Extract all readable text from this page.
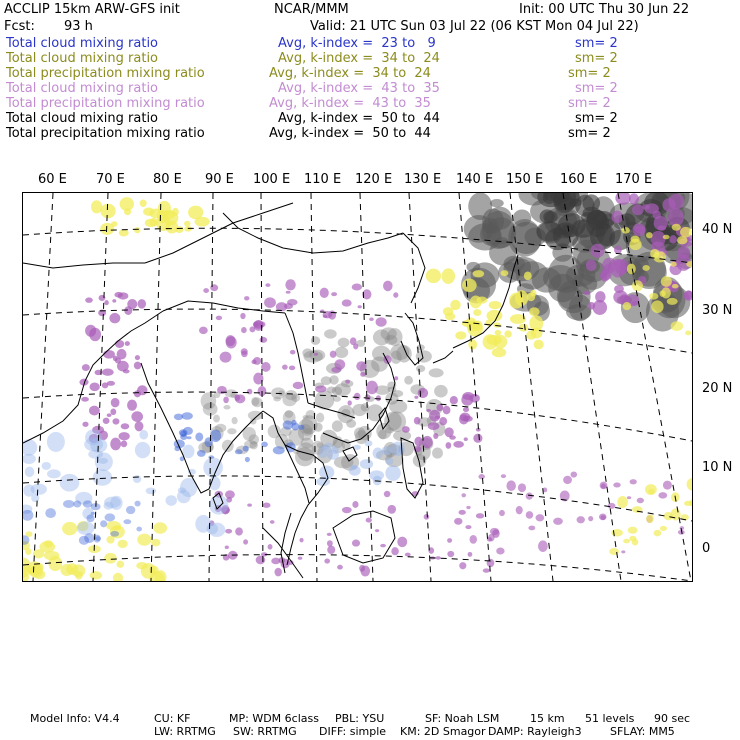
ACCLIP 15km ARW-GFS init	NCAR/MMM	Init: 00 UTC Thu 30 Jun 22
Fcst: 93 h	Valid: 21 UTC Sun 03 Jul 22 (06 KST Mon 04 Jul 22)
Total cloud mixing ratio	Avg, k-index =  23 to   9	sm= 2
Total cloud mixing ratio	Avg, k-index =  34 to  24	sm= 2
Total precipitation mixing ratio	Avg, k-index =  34 to  24	sm= 2
Total cloud mixing ratio	Avg, k-index =  43 to  35	sm= 2
Total precipitation mixing ratio	Avg, k-index =  43 to  35	sm= 2
Total cloud mixing ratio	Avg, k-index =  50 to  44	sm= 2
Total precipitation mixing ratio	Avg, k-index =  50 to  44	sm= 2
60 E 70 E 80 E 90 E 100 E 110 E 120 E 130 E 140 E 150 E 160 E 170 E
40 N
30 N
20 N
10 N
0
Model Info: V4.4	CU: KF	MP: WDM 6class PBL: YSU	SF: Noah LSM	15 km 51 levels 90 sec
LW: RRTMG SW: RRTMG DIFF: simple KM: 2D Smagor DAMP: Rayleigh3	SFLAY: MM5
